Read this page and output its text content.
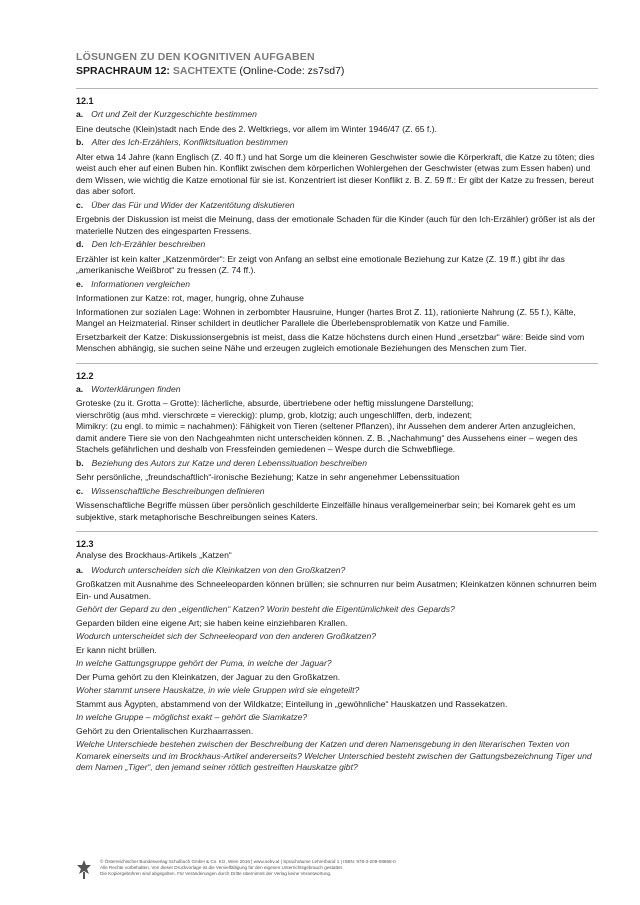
LÖSUNGEN ZU DEN KOGNITIVEN AUFGABEN
SPRACHRAUM 12: SACHTEXTE (Online-Code: zs7sd7)
12.1
a. Ort und Zeit der Kurzgeschichte bestimmen
Eine deutsche (Klein)stadt nach Ende des 2. Weltkriegs, vor allem im Winter 1946/47 (Z. 65 f.).
b. Alter des Ich-Erzählers, Konfliktsituation bestimmen
Alter etwa 14 Jahre (kann Englisch (Z. 40 ff.) und hat Sorge um die kleineren Geschwister sowie die Körperkraft, die Katze zu töten; dies weist auch eher auf einen Buben hin. Konflikt zwischen dem körperlichen Wohlergehen der Geschwister (etwas zum Essen haben) und dem Wissen, wie wichtig die Katze emotional für sie ist. Konzentriert ist dieser Konflikt z. B. Z. 59 ff.: Er gibt der Katze zu fressen, bereut das aber sofort.
c. Über das Für und Wider der Katzentötung diskutieren
Ergebnis der Diskussion ist meist die Meinung, dass der emotionale Schaden für die Kinder (auch für den Ich-Erzähler) größer ist als der materielle Nutzen des eingesparten Fressens.
d. Den Ich-Erzähler beschreiben
Erzähler ist kein kalter „Katzenmörder“: Er zeigt von Anfang an selbst eine emotionale Beziehung zur Katze (Z. 19 ff.) gibt ihr das „amerikanische Weißbrot“ zu fressen (Z. 74 ff.).
e. Informationen vergleichen
Informationen zur Katze: rot, mager, hungrig, ohne Zuhause
Informationen zur sozialen Lage: Wohnen in zerbombter Hausruine, Hunger (hartes Brot Z. 11), rationierte Nahrung (Z. 55 f.), Kälte, Mangel an Heizmaterial. Rinser schildert in deutlicher Parallele die Überlebensproblematik von Katze und Familie.
Ersetzbarkeit der Katze: Diskussionsergebnis ist meist, dass die Katze höchstens durch einen Hund „ersetzbar“ wäre: Beide sind vom Menschen abhängig, sie suchen seine Nähe und erzeugen zugleich emotionale Beziehungen des Menschen zum Tier.
12.2
a. Worterklärungen finden
Groteske (zu it. Grotta – Grotte): lächerliche, absurde, übertriebene oder heftig misslungene Darstellung;
vierschrötig (aus mhd. vierschrœte = viereckig): plump, grob, klotzig; auch ungeschliffen, derb, indezent;
Mimikry: (zu engl. to mimic = nachahmen): Fähigkeit von Tieren (seltener Pflanzen), ihr Aussehen dem anderer Arten anzugleichen, damit andere Tiere sie von den Nachgeahmten nicht unterscheiden können. Z. B. „Nachahmung“ des Aussehens einer – wegen des Stachels gefährlichen und deshalb von Fressfeinden gemiedenen – Wespe durch die Schwebfliege.
b. Beziehung des Autors zur Katze und deren Lebenssituation beschreiben
Sehr persönliche, „freundschaftlich“-ironische Beziehung; Katze in sehr angenehmer Lebenssituation
c. Wissenschaftliche Beschreibungen definieren
Wissenschaftliche Begriffe müssen über persönlich geschilderte Einzelfälle hinaus verallgemeinerbar sein; bei Komarek geht es um subjektive, stark metaphorische Beschreibungen seines Katers.
12.3
Analyse des Brockhaus-Artikels „Katzen“
a. Wodurch unterscheiden sich die Kleinkatzen von den Großkatzen?
Großkatzen mit Ausnahme des Schneeleoparden können brüllen; sie schnurren nur beim Ausatmen; Kleinkatzen können schnurren beim Ein- und Ausatmen.
Gehört der Gepard zu den „eigentlichen“ Katzen? Worin besteht die Eigentümlichkeit des Gepards?
Geparden bilden eine eigene Art; sie haben keine einziehbaren Krallen.
Wodurch unterscheidet sich der Schneeleopard von den anderen Großkatzen?
Er kann nicht brüllen.
In welche Gattungsgruppe gehört der Puma, in welche der Jaguar?
Der Puma gehört zu den Kleinkatzen, der Jaguar zu den Großkatzen.
Woher stammt unsere Hauskatze, in wie viele Gruppen wird sie eingeteilt?
Stammt aus Ägypten, abstammend von der Wildkatze; Einteilung in „gewöhnliche“ Hauskatzen und Rassekatzen.
In welche Gruppe – möglichst exakt – gehört die Siamkatze?
Gehört zu den Orientalischen Kurzhaarrassen.
Welche Unterschiede bestehen zwischen der Beschreibung der Katzen und deren Namensgebung in den literarischen Texten von Komarek einerseits und im Brockhaus-Artikel andererseits? Welcher Unterschied besteht zwischen der Gattungsbezeichnung Tiger und dem Namen „Tiger“, den jemand seiner rötlich gestreiften Hauskatze gibt?
© Österreichischer Bundesverlag Schulbuch GmbH & Co. KG, Wien 2016 | www.oebv.at | Sprachräume Lehrerband 1 | ISBN: 978-3-209-08868-0
Alle Rechte vorbehalten. Von dieser Druckvorlage ist die Vervielfältigung für den eigenen Unterrichtsgebrauch gestattet.
Die Kopiergebühren sind abgegolten. Für Veränderungen durch Dritte übernimmt der Verlag keine Verantwortung.
